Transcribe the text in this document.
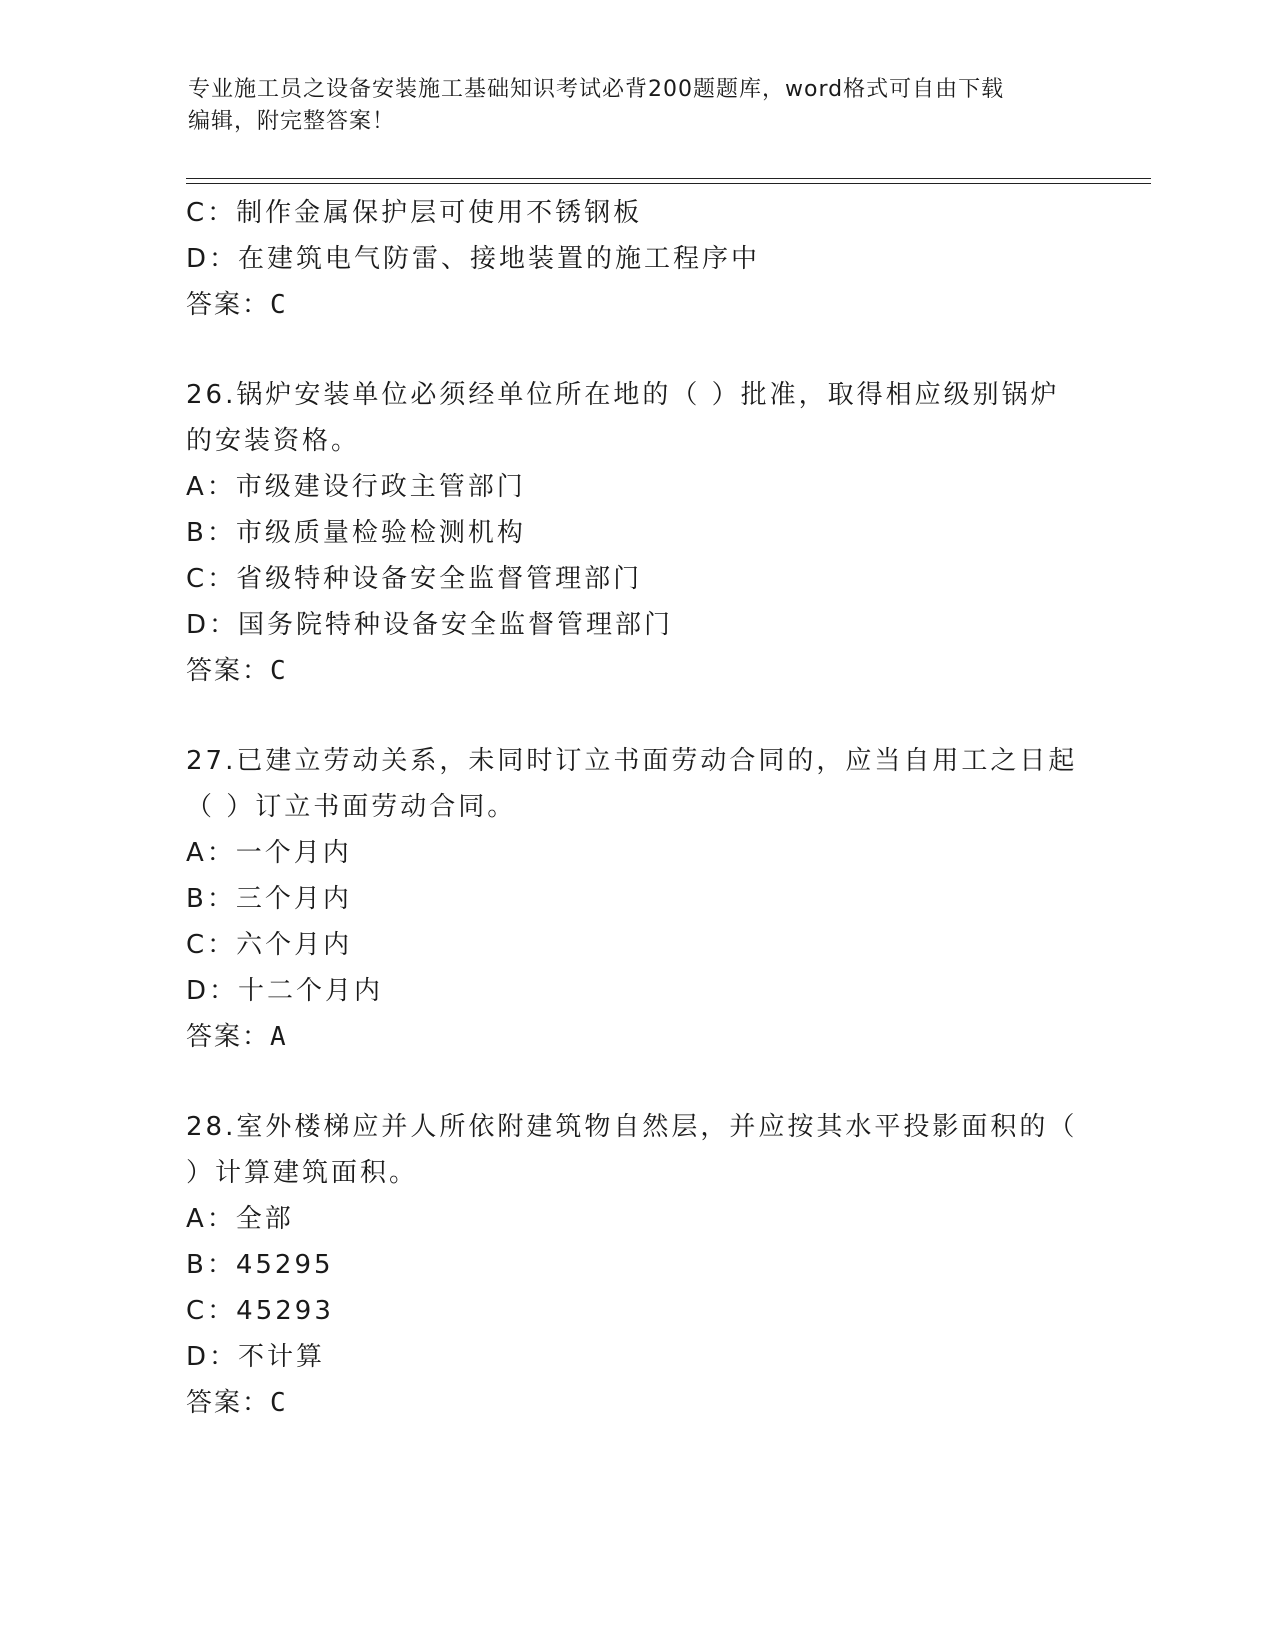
专业施工员之设备安装施工基础知识考试必背200题题库，word格式可自由下载
编辑，附完整答案！
C：制作金属保护层可使用不锈钢板
D：在建筑电气防雷、接地装置的施工程序中
答案：C
26.锅炉安装单位必须经单位所在地的（ ）批准，取得相应级别锅炉
的安装资格。
A：市级建设行政主管部门
B：市级质量检验检测机构
C：省级特种设备安全监督管理部门
D：国务院特种设备安全监督管理部门
答案：C
27.已建立劳动关系，未同时订立书面劳动合同的，应当自用工之日起
（ ）订立书面劳动合同。
A：一个月内
B：三个月内
C：六个月内
D：十二个月内
答案：A
28.室外楼梯应并人所依附建筑物自然层，并应按其水平投影面积的（
）计算建筑面积。
A：全部
B：45295
C：45293
D：不计算
答案：C
